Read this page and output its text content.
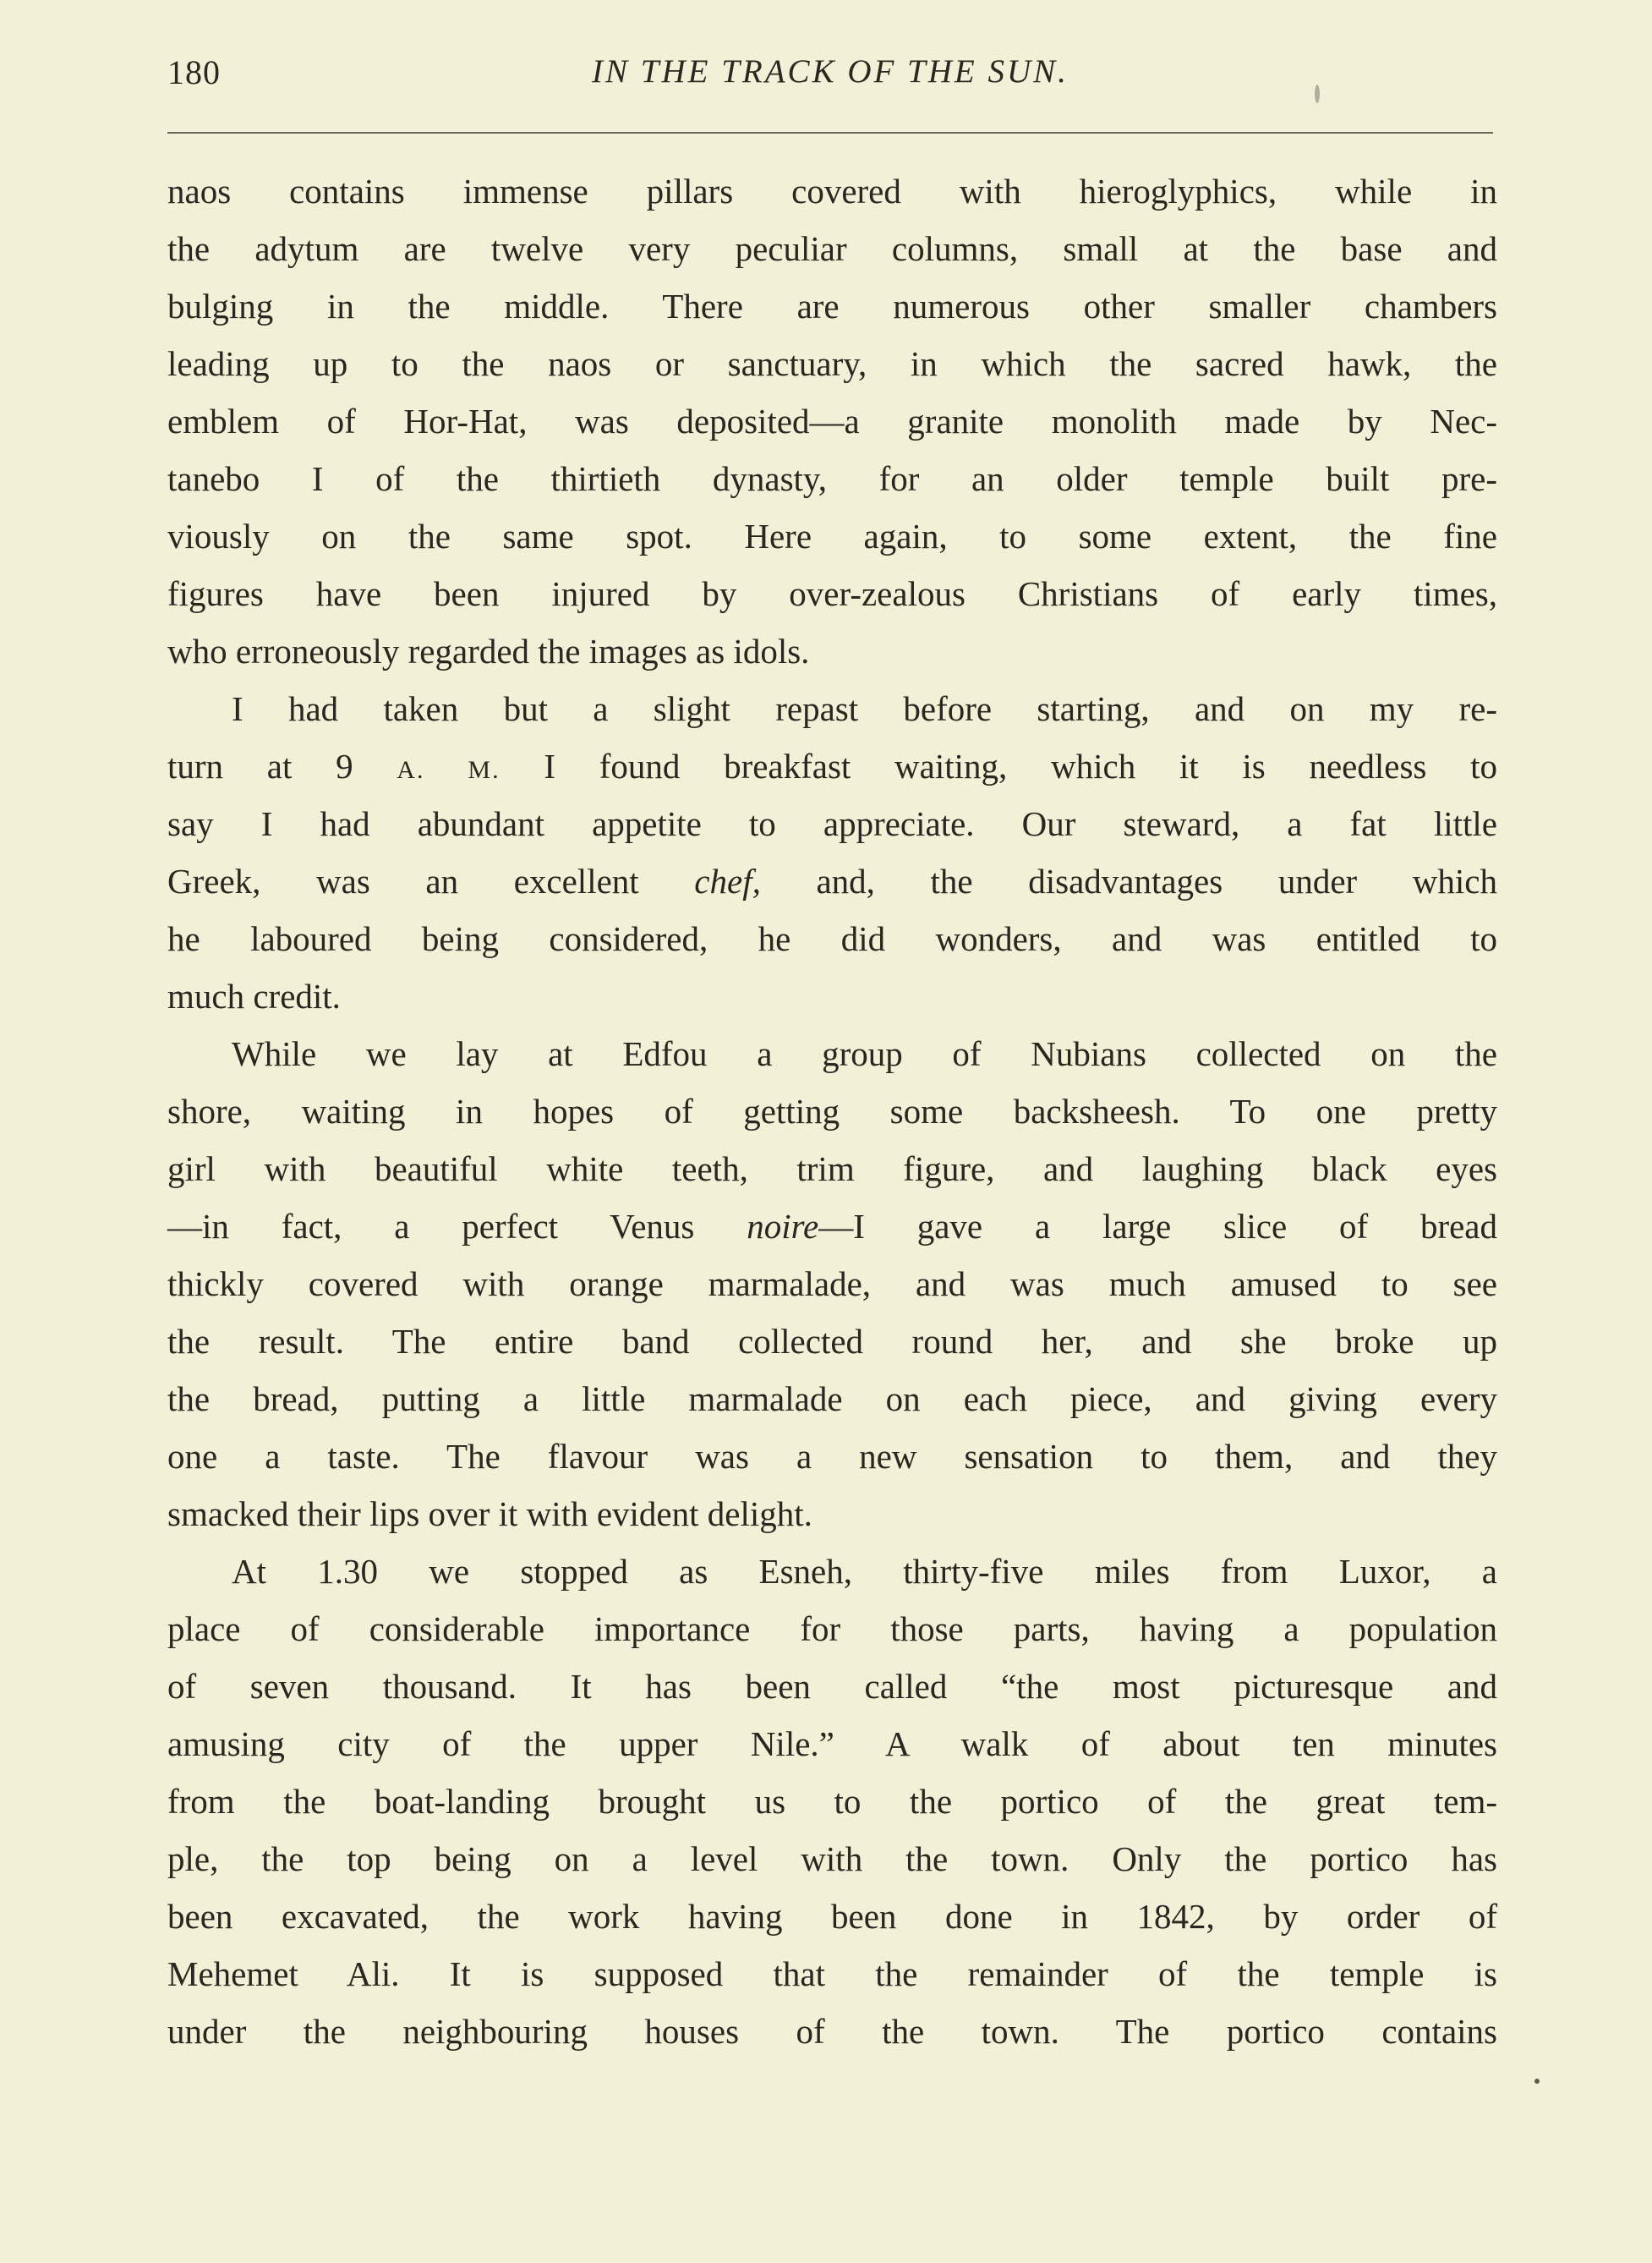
180	IN THE TRACK OF THE SUN.
naos contains immense pillars covered with hieroglyphics, while in
the adytum are twelve very peculiar columns, small at the base and
bulging in the middle. There are numerous other smaller chambers
leading up to the naos or sanctuary, in which the sacred hawk, the
emblem of Hor-Hat, was deposited—a granite monolith made by Nec-
tanebo I of the thirtieth dynasty, for an older temple built pre-
viously on the same spot. Here again, to some extent, the fine
figures have been injured by over-zealous Christians of early times,
who erroneously regarded the images as idols.
I had taken but a slight repast before starting, and on my re-
turn at 9 A. M. I found breakfast waiting, which it is needless to
say I had abundant appetite to appreciate. Our steward, a fat little
Greek, was an excellent chef, and, the disadvantages under which
he laboured being considered, he did wonders, and was entitled to
much credit.
While we lay at Edfou a group of Nubians collected on the
shore, waiting in hopes of getting some backsheesh. To one pretty
girl with beautiful white teeth, trim figure, and laughing black eyes
—in fact, a perfect Venus noire—I gave a large slice of bread
thickly covered with orange marmalade, and was much amused to see
the result. The entire band collected round her, and she broke up
the bread, putting a little marmalade on each piece, and giving every
one a taste. The flavour was a new sensation to them, and they
smacked their lips over it with evident delight.
At 1.30 we stopped as Esneh, thirty-five miles from Luxor, a
place of considerable importance for those parts, having a population
of seven thousand. It has been called “the most picturesque and
amusing city of the upper Nile.” A walk of about ten minutes
from the boat-landing brought us to the portico of the great tem-
ple, the top being on a level with the town. Only the portico has
been excavated, the work having been done in 1842, by order of
Mehemet Ali. It is supposed that the remainder of the temple is
under the neighbouring houses of the town. The portico contains
